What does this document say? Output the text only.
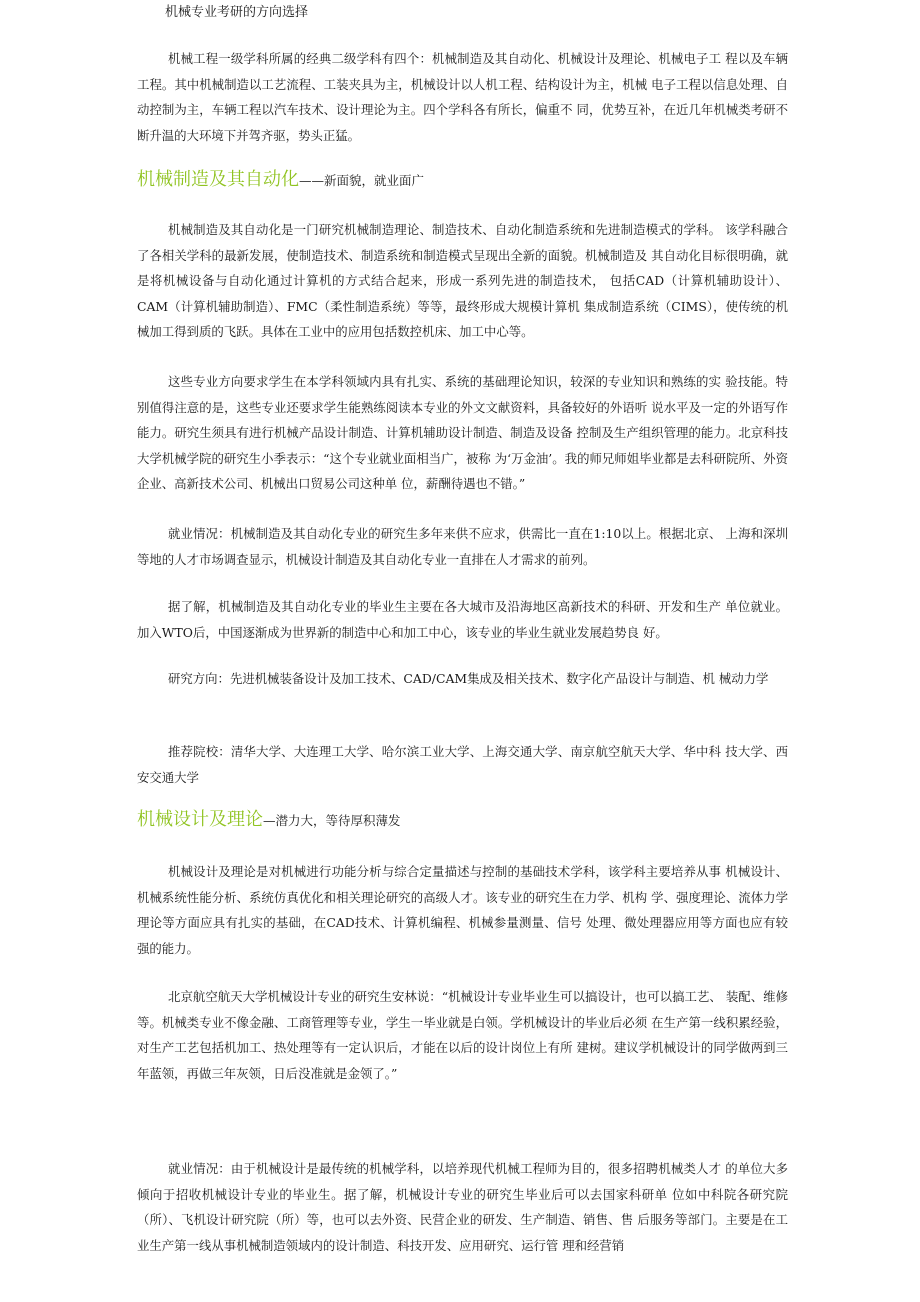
机械专业考研的方向选择

机械工程一级学科所属的经典二级学科有四个：机械制造及其自动化、机械设计及理论、机械电子工 程以及车辆工程。其中机械制造以工艺流程、工装夹具为主，机械设计以人机工程、结构设计为主，机械 电子工程以信息处理、自动控制为主，车辆工程以汽车技术、设计理论为主。四个学科各有所长，偏重不 同，优势互补，在近几年机械类考研不断升温的大环境下并驾齐驱，势头正猛。

机械制造及其自动化——新面貌，就业面广

机械制造及其自动化是一门研究机械制造理论、制造技术、自动化制造系统和先进制造模式的学科。 该学科融合了各相关学科的最新发展，使制造技术、制造系统和制造模式呈现出全新的面貌。机械制造及 其自动化目标很明确，就是将机械设备与自动化通过计算机的方式结合起来，形成一系列先进的制造技术， 包括CAD（计算机辅助设计）、CAM（计算机辅助制造）、FMC（柔性制造系统）等等，最终形成大规模计算机 集成制造系统（CIMS），使传统的机械加工得到质的飞跃。具体在工业中的应用包括数控机床、加工中心等。

这些专业方向要求学生在本学科领域内具有扎实、系统的基础理论知识，较深的专业知识和熟练的实 验技能。特别值得注意的是，这些专业还要求学生能熟练阅读本专业的外文文献资料，具备较好的外语听 说水平及一定的外语写作能力。研究生须具有进行机械产品设计制造、计算机辅助设计制造、制造及设备 控制及生产组织管理的能力。北京科技大学机械学院的研究生小季表示：“这个专业就业面相当广，被称 为‘万金油’。我的师兄师姐毕业都是去科研院所、外资企业、高新技术公司、机械出口贸易公司这种单 位，薪酬待遇也不错。”

就业情况：机械制造及其自动化专业的研究生多年来供不应求，供需比一直在1:10以上。根据北京、 上海和深圳等地的人才市场调查显示，机械设计制造及其自动化专业一直排在人才需求的前列。

据了解，机械制造及其自动化专业的毕业生主要在各大城市及沿海地区高新技术的科研、开发和生产 单位就业。加入WTO后，中国逐渐成为世界新的制造中心和加工中心，该专业的毕业生就业发展趋势良 好。

研究方向：先进机械装备设计及加工技术、CAD/CAM集成及相关技术、数字化产品设计与制造、机 械动力学

推荐院校：清华大学、大连理工大学、哈尔滨工业大学、上海交通大学、南京航空航天大学、华中科 技大学、西安交通大学

机械设计及理论—潜力大，等待厚积薄发

机械设计及理论是对机械进行功能分析与综合定量描述与控制的基础技术学科，该学科主要培养从事 机械设计、机械系统性能分析、系统仿真优化和相关理论研究的高级人才。该专业的研究生在力学、机构 学、强度理论、流体力学理论等方面应具有扎实的基础，在CAD技术、计算机编程、机械参量测量、信号 处理、微处理器应用等方面也应有较强的能力。

北京航空航天大学机械设计专业的研究生安林说：“机械设计专业毕业生可以搞设计，也可以搞工艺、 装配、维修等。机械类专业不像金融、工商管理等专业，学生一毕业就是白领。学机械设计的毕业后必须 在生产第一线积累经验，对生产工艺包括机加工、热处理等有一定认识后，才能在以后的设计岗位上有所 建树。建议学机械设计的同学做两到三年蓝领，再做三年灰领，日后没准就是金领了。”

就业情况：由于机械设计是最传统的机械学科，以培养现代机械工程师为目的，很多招聘机械类人才 的单位大多倾向于招收机械设计专业的毕业生。据了解，机械设计专业的研究生毕业后可以去国家科研单 位如中科院各研究院（所）、飞机设计研究院（所）等，也可以去外资、民营企业的研发、生产制造、销售、售 后服务等部门。主要是在工业生产第一线从事机械制造领域内的设计制造、科技开发、应用研究、运行管 理和经营销
